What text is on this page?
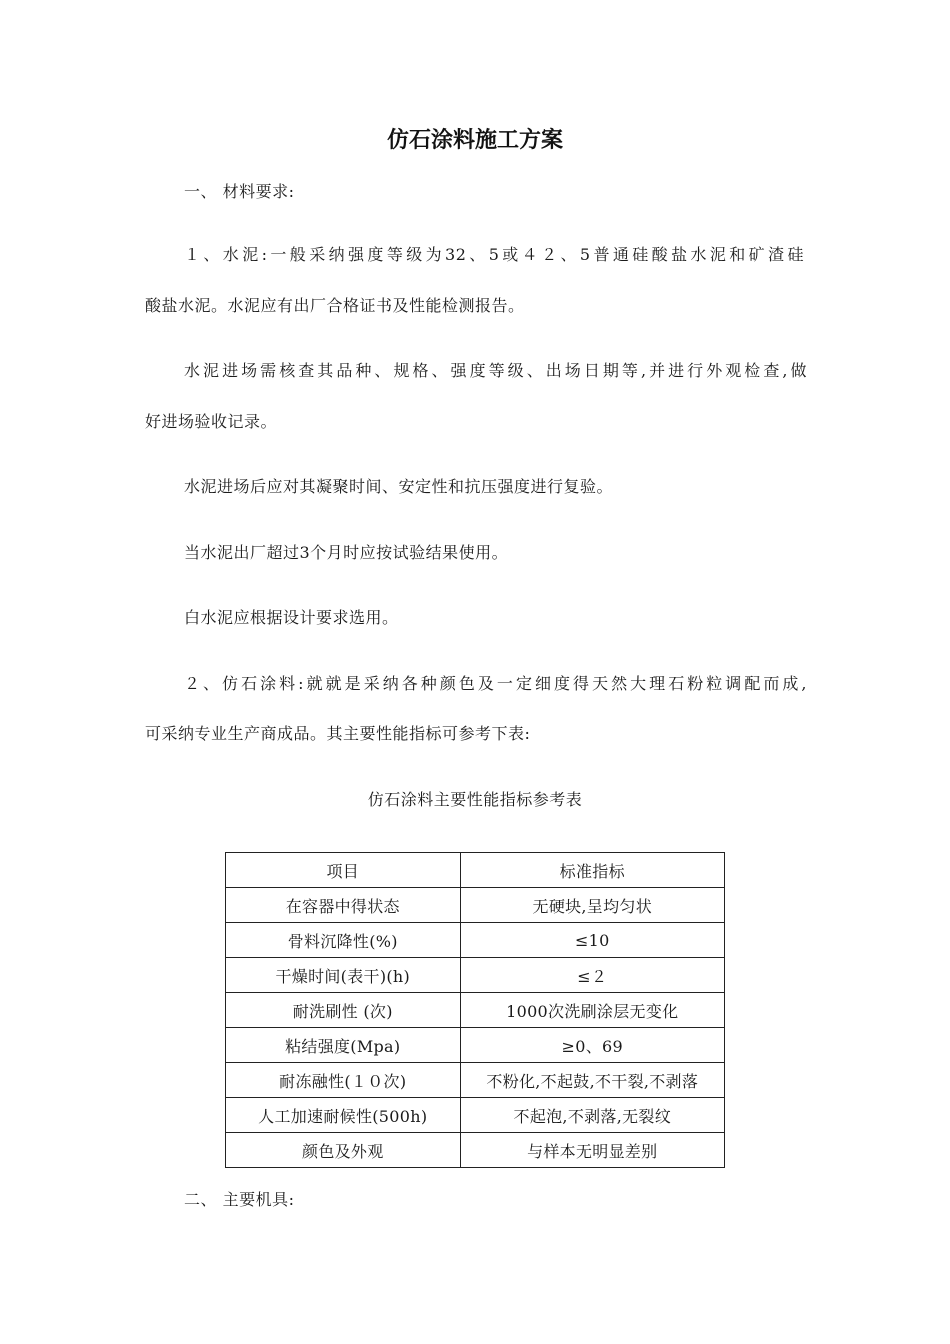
仿石涂料施工方案
一、 材料要求:
１、水泥:一般采纳强度等级为32、5或４２、5普通硅酸盐水泥和矿渣硅
酸盐水泥。水泥应有出厂合格证书及性能检测报告。
水泥进场需核查其品种、规格、强度等级、出场日期等,并进行外观检查,做
好进场验收记录。
水泥进场后应对其凝聚时间、安定性和抗压强度进行复验。
当水泥出厂超过3个月时应按试验结果使用。
白水泥应根据设计要求选用。
２、仿石涂料:就就是采纳各种颜色及一定细度得天然大理石粉粒调配而成,
可采纳专业生产商成品。其主要性能指标可参考下表:
仿石涂料主要性能指标参考表
项目	标准指标
在容器中得状态	无硬块,呈均匀状
骨料沉降性(%)	≤10
干燥时间(表干)(h)	≤２
耐洗刷性 (次)	1000次洗刷涂层无变化
粘结强度(Mpa)	≥0、69
耐冻融性(１０次)	不粉化,不起鼓,不干裂,不剥落
人工加速耐候性(500h)	不起泡,不剥落,无裂纹
颜色及外观	与样本无明显差别
二、 主要机具:
